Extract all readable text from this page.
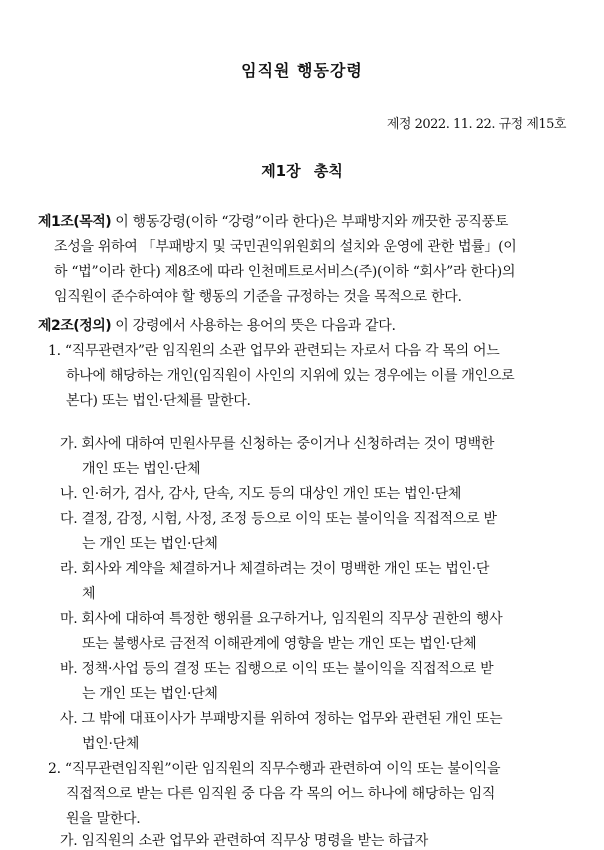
임직원 행동강령
제정 2022. 11. 22. 규정 제15호
제1장 총칙
제1조(목적) 이 행동강령(이하 “강령”이라 한다)은 부패방지와 깨끗한 공직풍토
조성을 위하여 「부패방지 및 국민권익위원회의 설치와 운영에 관한 법률」(이
하 “법”이라 한다) 제8조에 따라 인천메트로서비스(주)(이하 “회사”라 한다)의
임직원이 준수하여야 할 행동의 기준을 규정하는 것을 목적으로 한다.
제2조(정의) 이 강령에서 사용하는 용어의 뜻은 다음과 같다.
1. “직무관련자”란 임직원의 소관 업무와 관련되는 자로서 다음 각 목의 어느
하나에 해당하는 개인(임직원이 사인의 지위에 있는 경우에는 이를 개인으로
본다) 또는 법인·단체를 말한다.
가. 회사에 대하여 민원사무를 신청하는 중이거나 신청하려는 것이 명백한
개인 또는 법인·단체
나. 인·허가, 검사, 감사, 단속, 지도 등의 대상인 개인 또는 법인·단체
다. 결정, 감정, 시험, 사정, 조정 등으로 이익 또는 불이익을 직접적으로 받
는 개인 또는 법인·단체
라. 회사와 계약을 체결하거나 체결하려는 것이 명백한 개인 또는 법인·단
체
마. 회사에 대하여 특정한 행위를 요구하거나, 임직원의 직무상 권한의 행사
또는 불행사로 금전적 이해관계에 영향을 받는 개인 또는 법인·단체
바. 정책·사업 등의 결정 또는 집행으로 이익 또는 불이익을 직접적으로 받
는 개인 또는 법인·단체
사. 그 밖에 대표이사가 부패방지를 위하여 정하는 업무와 관련된 개인 또는
법인·단체
2. “직무관련임직원”이란 임직원의 직무수행과 관련하여 이익 또는 불이익을
직접적으로 받는 다른 임직원 중 다음 각 목의 어느 하나에 해당하는 임직
원을 말한다.
가. 임직원의 소관 업무와 관련하여 직무상 명령을 받는 하급자
